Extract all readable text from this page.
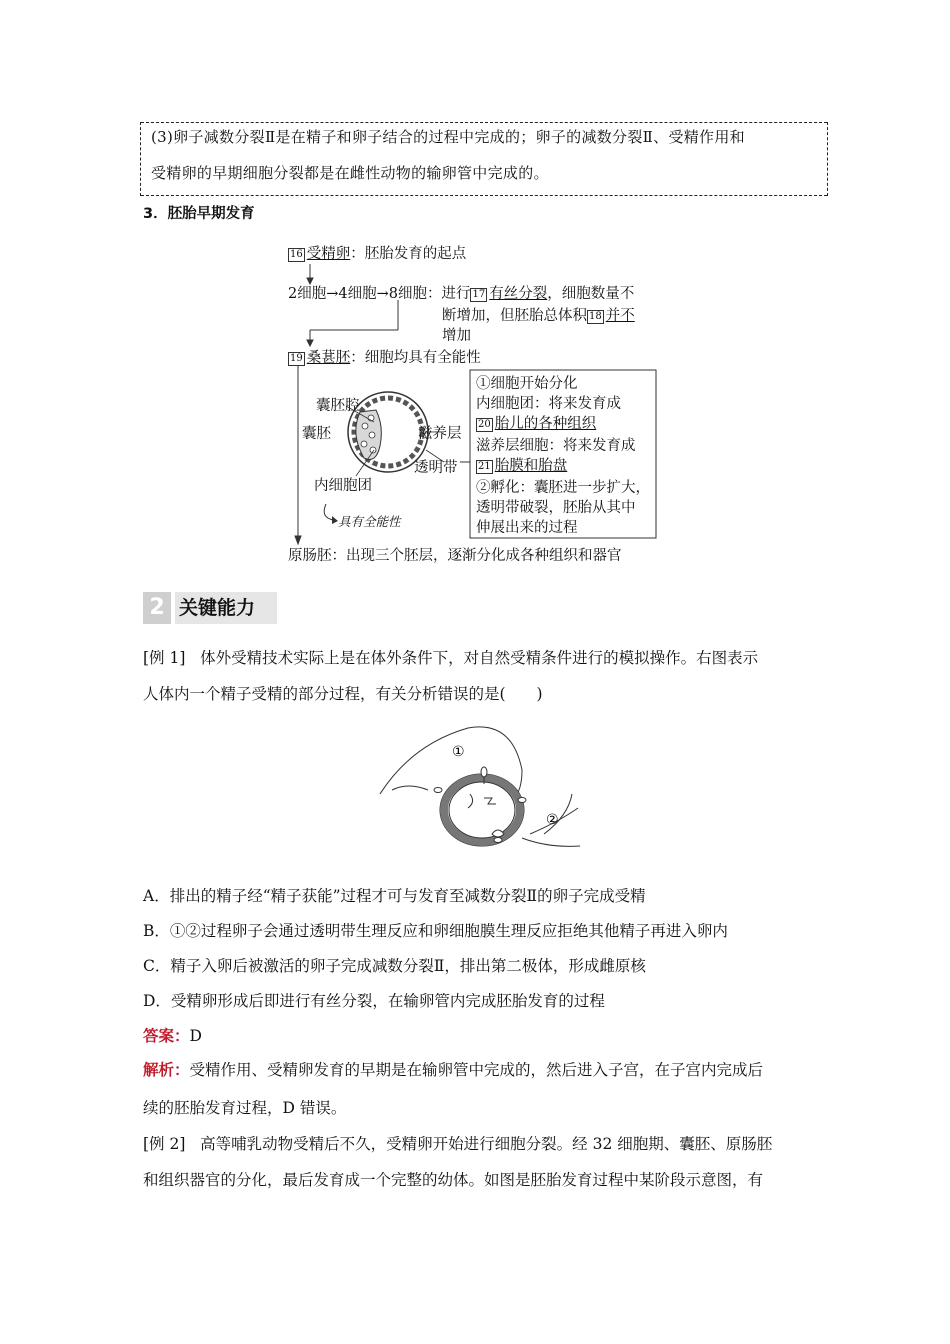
(3)卵子减数分裂Ⅱ是在精子和卵子结合的过程中完成的；卵子的减数分裂Ⅱ、受精作用和
受精卵的早期细胞分裂都是在雌性动物的输卵管中完成的。
3．胚胎早期发育
16 受精卵：胚胎发育的起点
2细胞→4细胞→8细胞：进行 17 有丝分裂，细胞数量不
断增加，但胚胎总体积 18 并不
增加
19 桑葚胚：细胞均具有全能性
囊胚腔
囊胚	滋养层
透明带
内细胞团
具有全能性
①细胞开始分化
内细胞团：将来发育成
20 胎儿的各种组织
滋养层细胞：将来发育成
21 胎膜和胎盘
②孵化：囊胚进一步扩大，
透明带破裂，胚胎从其中
伸展出来的过程
原肠胚：出现三个胚层，逐渐分化成各种组织和器官
2 关键能力
[例 1] 体外受精技术实际上是在体外条件下，对自然受精条件进行的模拟操作。右图表示
人体内一个精子受精的部分过程，有关分析错误的是(　　)
①
②
A．排出的精子经“精子获能”过程才可与发育至减数分裂Ⅱ的卵子完成受精
B．①②过程卵子会通过透明带生理反应和卵细胞膜生理反应拒绝其他精子再进入卵内
C．精子入卵后被激活的卵子完成减数分裂Ⅱ，排出第二极体，形成雌原核
D．受精卵形成后即进行有丝分裂，在输卵管内完成胚胎发育的过程
答案：D
解析：受精作用、受精卵发育的早期是在输卵管中完成的，然后进入子宫，在子宫内完成后
续的胚胎发育过程，D 错误。
[例 2] 高等哺乳动物受精后不久，受精卵开始进行细胞分裂。经 32 细胞期、囊胚、原肠胚
和组织器官的分化，最后发育成一个完整的幼体。如图是胚胎发育过程中某阶段示意图，有
